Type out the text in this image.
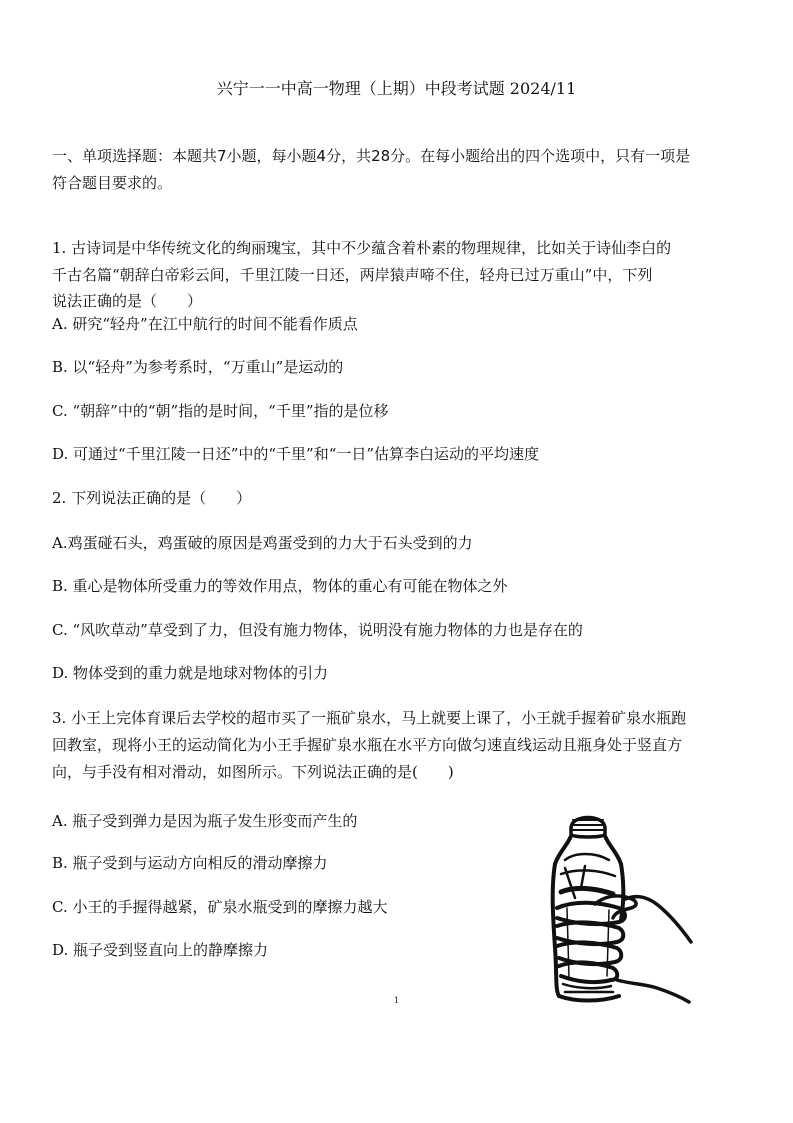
兴宁一一中高一物理（上期）中段考试题 2024/11
一、单项选择题：本题共7小题，每小题4分，共28分。在每小题给出的四个选项中，只有一项是
符合题目要求的。
1. 古诗词是中华传统文化的绚丽瑰宝，其中不少蕴含着朴素的物理规律，比如关于诗仙李白的
千古名篇“朝辞白帝彩云间，千里江陵一日还，两岸猿声啼不住，轻舟已过万重山”中，下列
说法正确的是（　　）
A. 研究“轻舟”在江中航行的时间不能看作质点
B. 以“轻舟”为参考系时，“万重山”是运动的
C. “朝辞”中的“朝”指的是时间，“千里”指的是位移
D. 可通过“千里江陵一日还”中的“千里”和“一日”估算李白运动的平均速度
2. 下列说法正确的是（　　）
A.鸡蛋碰石头，鸡蛋破的原因是鸡蛋受到的力大于石头受到的力
B. 重心是物体所受重力的等效作用点，物体的重心有可能在物体之外
C. “风吹草动”草受到了力，但没有施力物体，说明没有施力物体的力也是存在的
D. 物体受到的重力就是地球对物体的引力
3. 小王上完体育课后去学校的超市买了一瓶矿泉水，马上就要上课了，小王就手握着矿泉水瓶跑
回教室，现将小王的运动简化为小王手握矿泉水瓶在水平方向做匀速直线运动且瓶身处于竖直方
向，与手没有相对滑动，如图所示。下列说法正确的是(　　)
A. 瓶子受到弹力是因为瓶子发生形变而产生的
B. 瓶子受到与运动方向相反的滑动摩擦力
C. 小王的手握得越紧，矿泉水瓶受到的摩擦力越大
D. 瓶子受到竖直向上的静摩擦力
1
